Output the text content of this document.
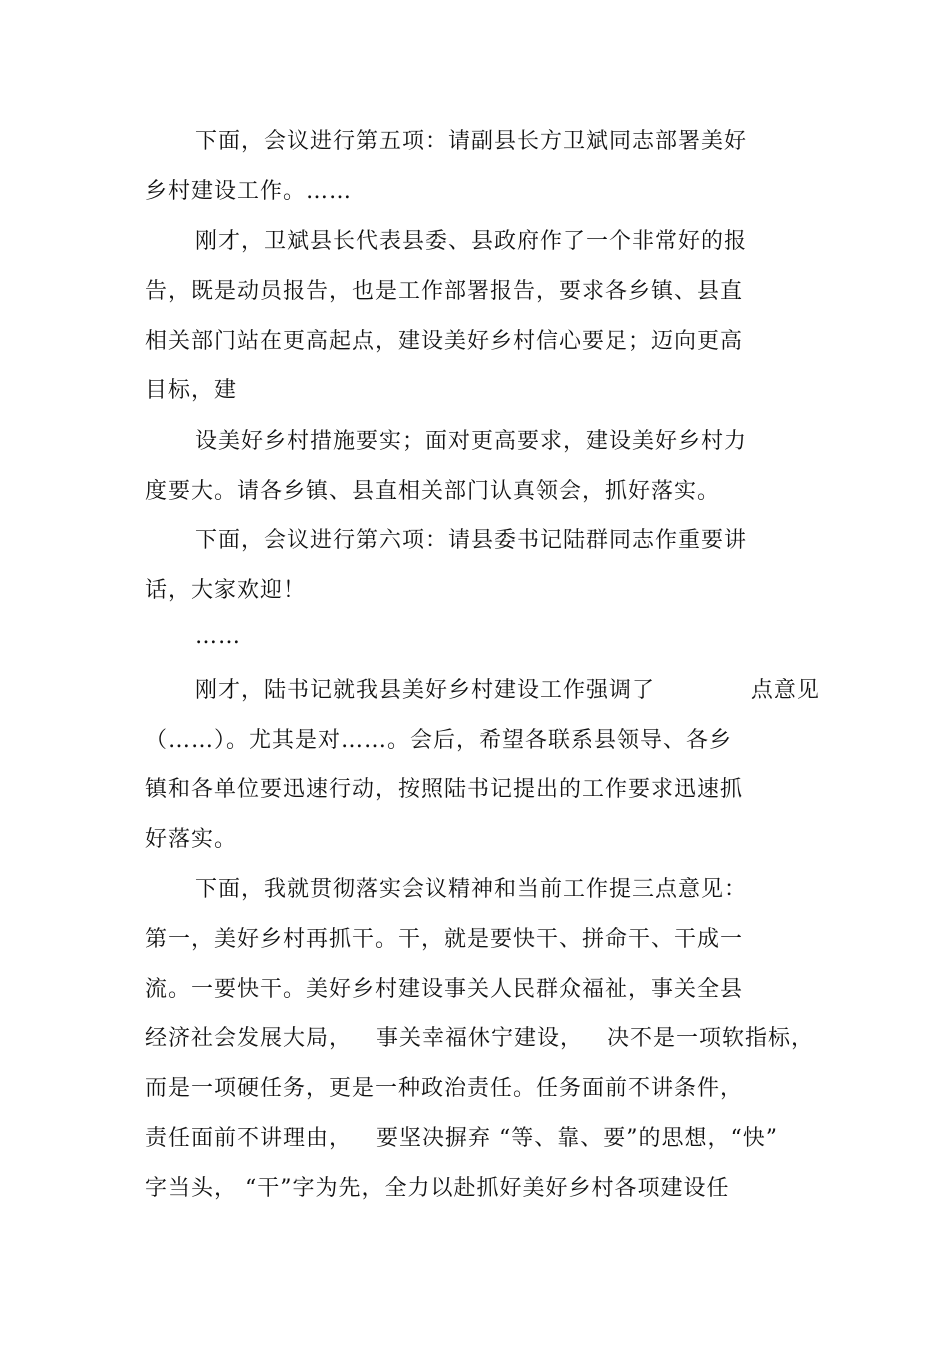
下面，会议进行第五项：请副县长方卫斌同志部署美好
乡村建设工作。……
刚才，卫斌县长代表县委、县政府作了一个非常好的报
告，既是动员报告，也是工作部署报告，要求各乡镇、县直
相关部门站在更高起点，建设美好乡村信心要足；迈向更高
目标，建
设美好乡村措施要实；面对更高要求，建设美好乡村力
度要大。请各乡镇、县直相关部门认真领会，抓好落实。
下面，会议进行第六项：请县委书记陆群同志作重要讲
话，大家欢迎！
……
刚才，陆书记就我县美好乡村建设工作强调了            点意见
（……）。尤其是对……。会后，希望各联系县领导、各乡
镇和各单位要迅速行动，按照陆书记提出的工作要求迅速抓
好落实。
下面，我就贯彻落实会议精神和当前工作提三点意见：
第一，美好乡村再抓干。干，就是要快干、拼命干、干成一
流。一要快干。美好乡村建设事关人民群众福祉，事关全县
经济社会发展大局，   事关幸福休宁建设，   决不是一项软指标，
而是一项硬任务，更是一种政治责任。任务面前不讲条件，
责任面前不讲理由，   要坚决摒弃 “等、靠、要”的思想，“快”
字当头， “干”字为先，全力以赴抓好美好乡村各项建设任
